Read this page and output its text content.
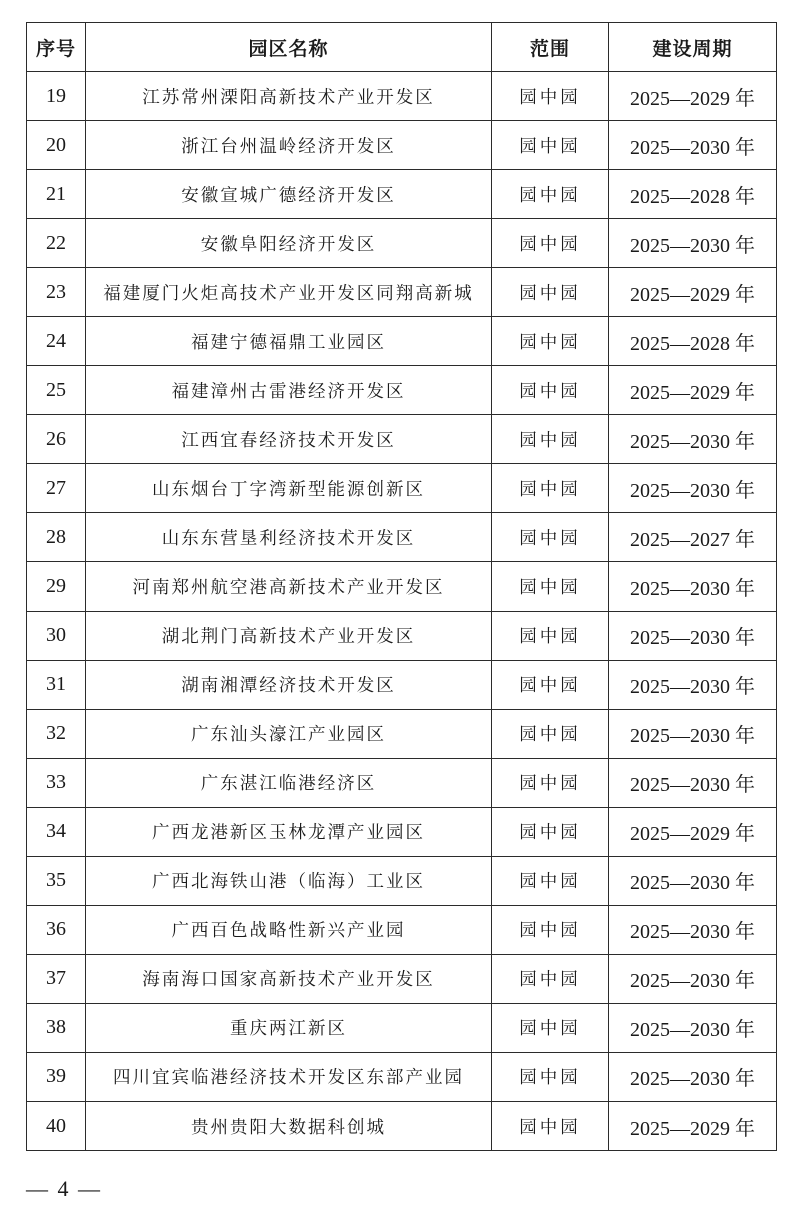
序号	园区名称	范围	建设周期
19	江苏常州溧阳高新技术产业开发区	园中园	2025—2029 年
20	浙江台州温岭经济开发区	园中园	2025—2030 年
21	安徽宣城广德经济开发区	园中园	2025—2028 年
22	安徽阜阳经济开发区	园中园	2025—2030 年
23	福建厦门火炬高技术产业开发区同翔高新城	园中园	2025—2029 年
24	福建宁德福鼎工业园区	园中园	2025—2028 年
25	福建漳州古雷港经济开发区	园中园	2025—2029 年
26	江西宜春经济技术开发区	园中园	2025—2030 年
27	山东烟台丁字湾新型能源创新区	园中园	2025—2030 年
28	山东东营垦利经济技术开发区	园中园	2025—2027 年
29	河南郑州航空港高新技术产业开发区	园中园	2025—2030 年
30	湖北荆门高新技术产业开发区	园中园	2025—2030 年
31	湖南湘潭经济技术开发区	园中园	2025—2030 年
32	广东汕头濠江产业园区	园中园	2025—2030 年
33	广东湛江临港经济区	园中园	2025—2030 年
34	广西龙港新区玉林龙潭产业园区	园中园	2025—2029 年
35	广西北海铁山港（临海）工业区	园中园	2025—2030 年
36	广西百色战略性新兴产业园	园中园	2025—2030 年
37	海南海口国家高新技术产业开发区	园中园	2025—2030 年
38	重庆两江新区	园中园	2025—2030 年
39	四川宜宾临港经济技术开发区东部产业园	园中园	2025—2030 年
40	贵州贵阳大数据科创城	园中园	2025—2029 年
— 4 —
